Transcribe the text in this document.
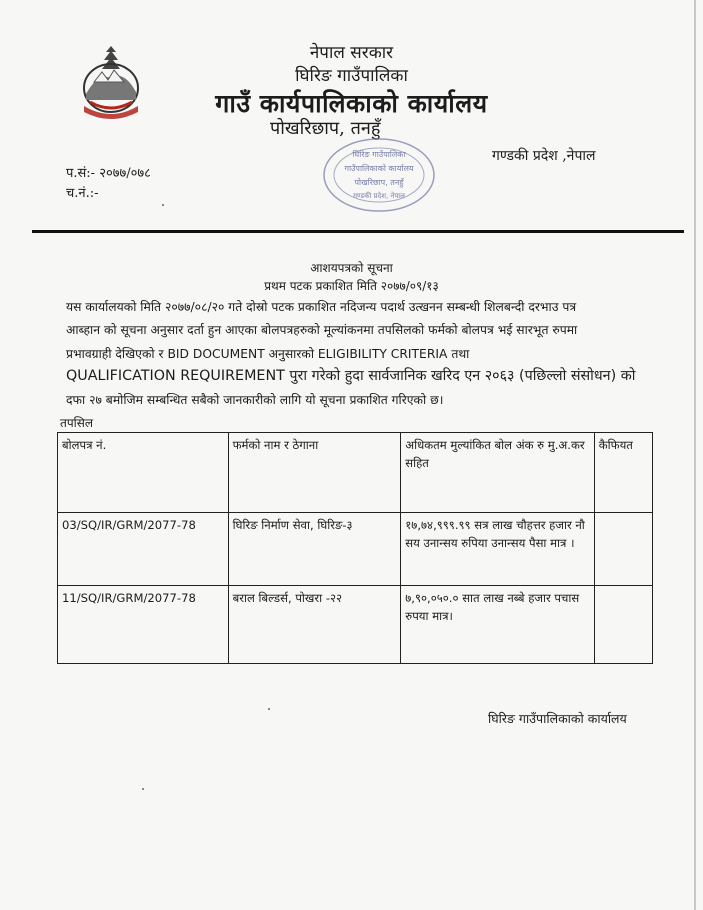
नेपाल सरकार
घिरिङ गाउँपालिका
गाउँ कार्यपालिकाको कार्यालय
पोखरिछाप, तनहुँ
गण्डकी प्रदेश ,नेपाल
प.सं:- २०७७/०७८
च.नं.:-
घिरिङ गाउँपालिका
गाउँपालिकाको कार्यालय
पोखरिछाप, तनहुँ
गण्डकी प्रदेश, नेपाल
आशयपत्रको सूचना
प्रथम पटक प्रकाशित मिति २०७७/०९/१३
यस कार्यालयको मिति २०७७/०८/२० गते दोस्रो पटक प्रकाशित नदिजन्य पदार्थ उत्खनन सम्बन्धी शिलबन्दी दरभाउ पत्र
आब्हान को सूचना अनुसार दर्ता हुन आएका बोलपत्रहरुको मूल्यांकनमा तपसिलको फर्मको बोलपत्र भई सारभूत रुपमा
प्रभावग्राही देखिएको र BID DOCUMENT अनुसारको ELIGIBILITY CRITERIA तथा
QUALIFICATION REQUIREMENT पुरा गरेको हुदा सार्वजानिक खरिद एन २०६३ (पछिल्लो संसोधन) को
दफा २७ बमोजिम सम्बन्धित सबैको जानकारीको लागि यो सूचना प्रकाशित गरिएको छ।
तपसिल
बोलपत्र नं.	फर्मको नाम र ठेगाना	अधिकतम मुल्यांकित बोल अंक रु मु.अ.कर सहित	कैफियत
03/SQ/IR/GRM/2077-78	घिरिङ निर्माण सेवा, घिरिङ-३	१७,७४,९९९.९९ सत्र लाख चौहत्तर हजार नौ सय उनान्सय रुपिया उनान्सय पैसा मात्र ।	
11/SQ/IR/GRM/2077-78	बराल बिल्डर्स, पोखरा -२२	७,९०,०५०.० सात लाख नब्बे हजार पचास रुपया मात्र।	
घिरिङ गाउँपालिकाको कार्यालय
